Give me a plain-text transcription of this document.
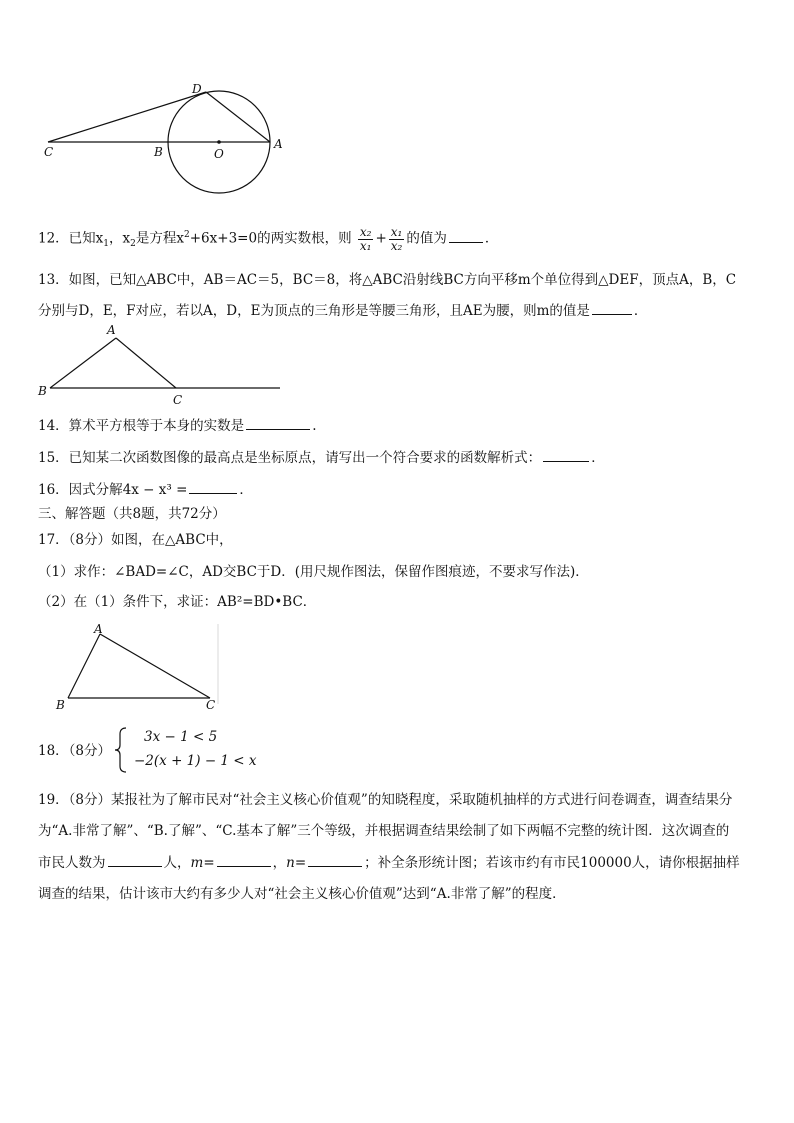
C	B	O
A
D
12．已知$x_1$，$x_2$是方程$x^2+6x+3=0$的两实数根，则 $\frac{\text{x₂}}{\text{x₁}} + \frac{\text{x₁}}{\text{x₂}}$ 的值为	．
13．如图，已知△ABC中，AB＝AC＝5，BC＝8，将△ABC沿射线BC方向平移m个单位得到△DEF，顶点A，B，C
分别与D，E，F对应，若以A，D，E为顶点的三角形是等腰三角形，且AE为腰，则m的值是	．
A
B
C
14．算术平方根等于本身的实数是	.
15．已知某二次函数图像的最高点是坐标原点，请写出一个符合要求的函数解析式：	．
16．因式分解4x − x³ =	．
三、解答题（共8题，共72分）
17．（8分）如图，在△ABC中，
（1）求作：∠BAD=∠C，AD交BC于D．(用尺规作图法，保留作图痕迹，不要求写作法)．
（2）在（1）条件下，求证：AB²=BD•BC．
A
B	C
18．（8分）
3x − 1 < 5
−2(x + 1) − 1 < x
19．（8分）某报社为了解市民对“社会主义核心价值观”的知晓程度，采取随机抽样的方式进行问卷调查，调查结果分
为“A.非常了解”、“B.了解”、“C.基本了解”三个等级，并根据调查结果绘制了如下两幅不完整的统计图．这次调查的
市民人数为	人，m=	，n=	；补全条形统计图；若该市约有市民100000人，请你根据抽样
调查的结果，估计该市大约有多少人对“社会主义核心价值观”达到“A.非常了解”的程度．
